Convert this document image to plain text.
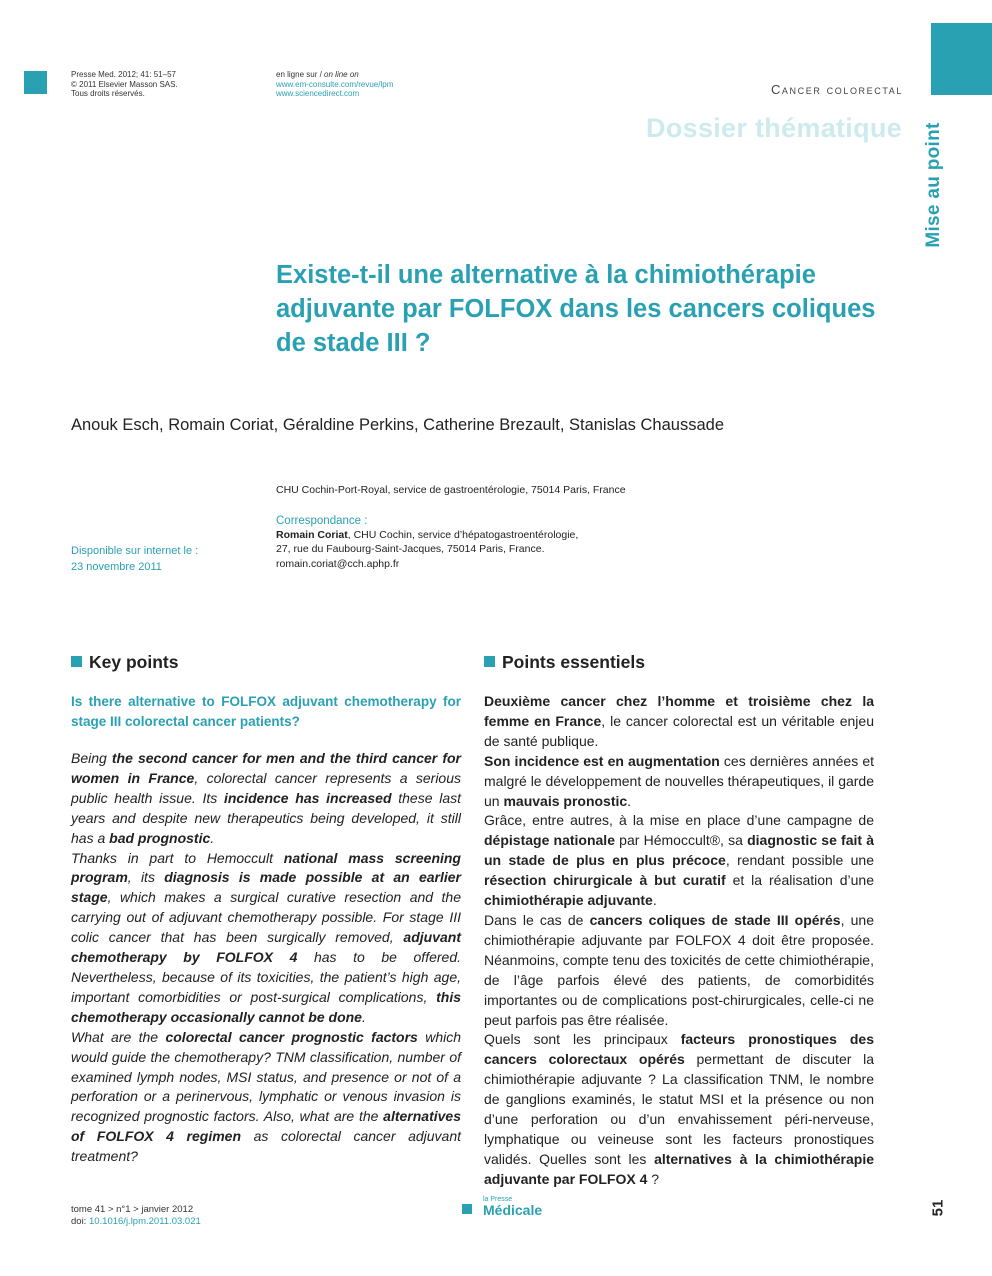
Presse Med. 2012; 41: 51–57
© 2011 Elsevier Masson SAS.
Tous droits réservés.
en ligne sur / on line on
www.em-consulte.com/revue/lpm
www.sciencedirect.com	Cancer colorectal
Dossier thématique Mise au point
Existe-t-il une alternative à la chimiothérapie adjuvante par FOLFOX dans les cancers coliques de stade III ?
Anouk Esch, Romain Coriat, Géraldine Perkins, Catherine Brezault, Stanislas Chaussade
CHU Cochin-Port-Royal, service de gastroentérologie, 75014 Paris, France
Disponible sur internet le :
23 novembre 2011
Correspondance :
Romain Coriat, CHU Cochin, service d’hépatogastroentérologie,
27, rue du Faubourg-Saint-Jacques, 75014 Paris, France.
romain.coriat@cch.aphp.fr
Key points
Is there alternative to FOLFOX adjuvant chemotherapy for stage III colorectal cancer patients?

Being the second cancer for men and the third cancer for women in France, colorectal cancer represents a serious public health issue. Its incidence has increased these last years and despite new therapeutics being developed, it still has a bad prognostic.

Thanks in part to Hemoccult national mass screening program, its diagnosis is made possible at an earlier stage, which makes a surgical curative resection and the carrying out of adjuvant chemotherapy possible. For stage III colic cancer that has been surgically removed, adjuvant chemotherapy by FOLFOX 4 has to be offered. Nevertheless, because of its toxicities, the patient’s high age, important comorbidities or post-surgical complications, this chemotherapy occasionally cannot be done.

What are the colorectal cancer prognostic factors which would guide the chemotherapy? TNM classification, number of examined lymph nodes, MSI status, and presence or not of a perforation or a perinervous, lymphatic or venous invasion is recognized prognostic factors. Also, what are the alternatives of FOLFOX 4 regimen as colorectal cancer adjuvant treatment?

Points essentiels

Deuxième cancer chez l’homme et troisième chez la femme en France, le cancer colorectal est un véritable enjeu de santé publique.

Son incidence est en augmentation ces dernières années et malgré le développement de nouvelles thérapeutiques, il garde un mauvais pronostic.

Grâce, entre autres, à la mise en place d’une campagne de dépistage nationale par Hémoccult®, sa diagnostic se fait à un stade de plus en plus précoce, rendant possible une résection chirurgicale à but curatif et la réalisation d’une chimiothérapie adjuvante.

Dans le cas de cancers coliques de stade III opérés, une chimiothérapie adjuvante par FOLFOX 4 doit être proposée. Néanmoins, compte tenu des toxicités de cette chimiothérapie, de l’âge parfois élevé des patients, de comorbidités importantes ou de complications post-chirurgicales, celle-ci ne peut parfois pas être réalisée.

Quels sont les principaux facteurs pronostiques des cancers colorectaux opérés permettant de discuter la chimiothérapie adjuvante ? La classification TNM, le nombre de ganglions examinés, le statut MSI et la présence ou non d’une perforation ou d’un envahissement péri-nerveuse, lymphatique ou veineuse sont les facteurs pronostiques validés. Quelles sont les alternatives à la chimiothérapie adjuvante par FOLFOX 4 ?

tome 41 > n°1 > janvier 2012
doi: 10.1016/j.lpm.2011.03.021
la Presse
Médicale	51
